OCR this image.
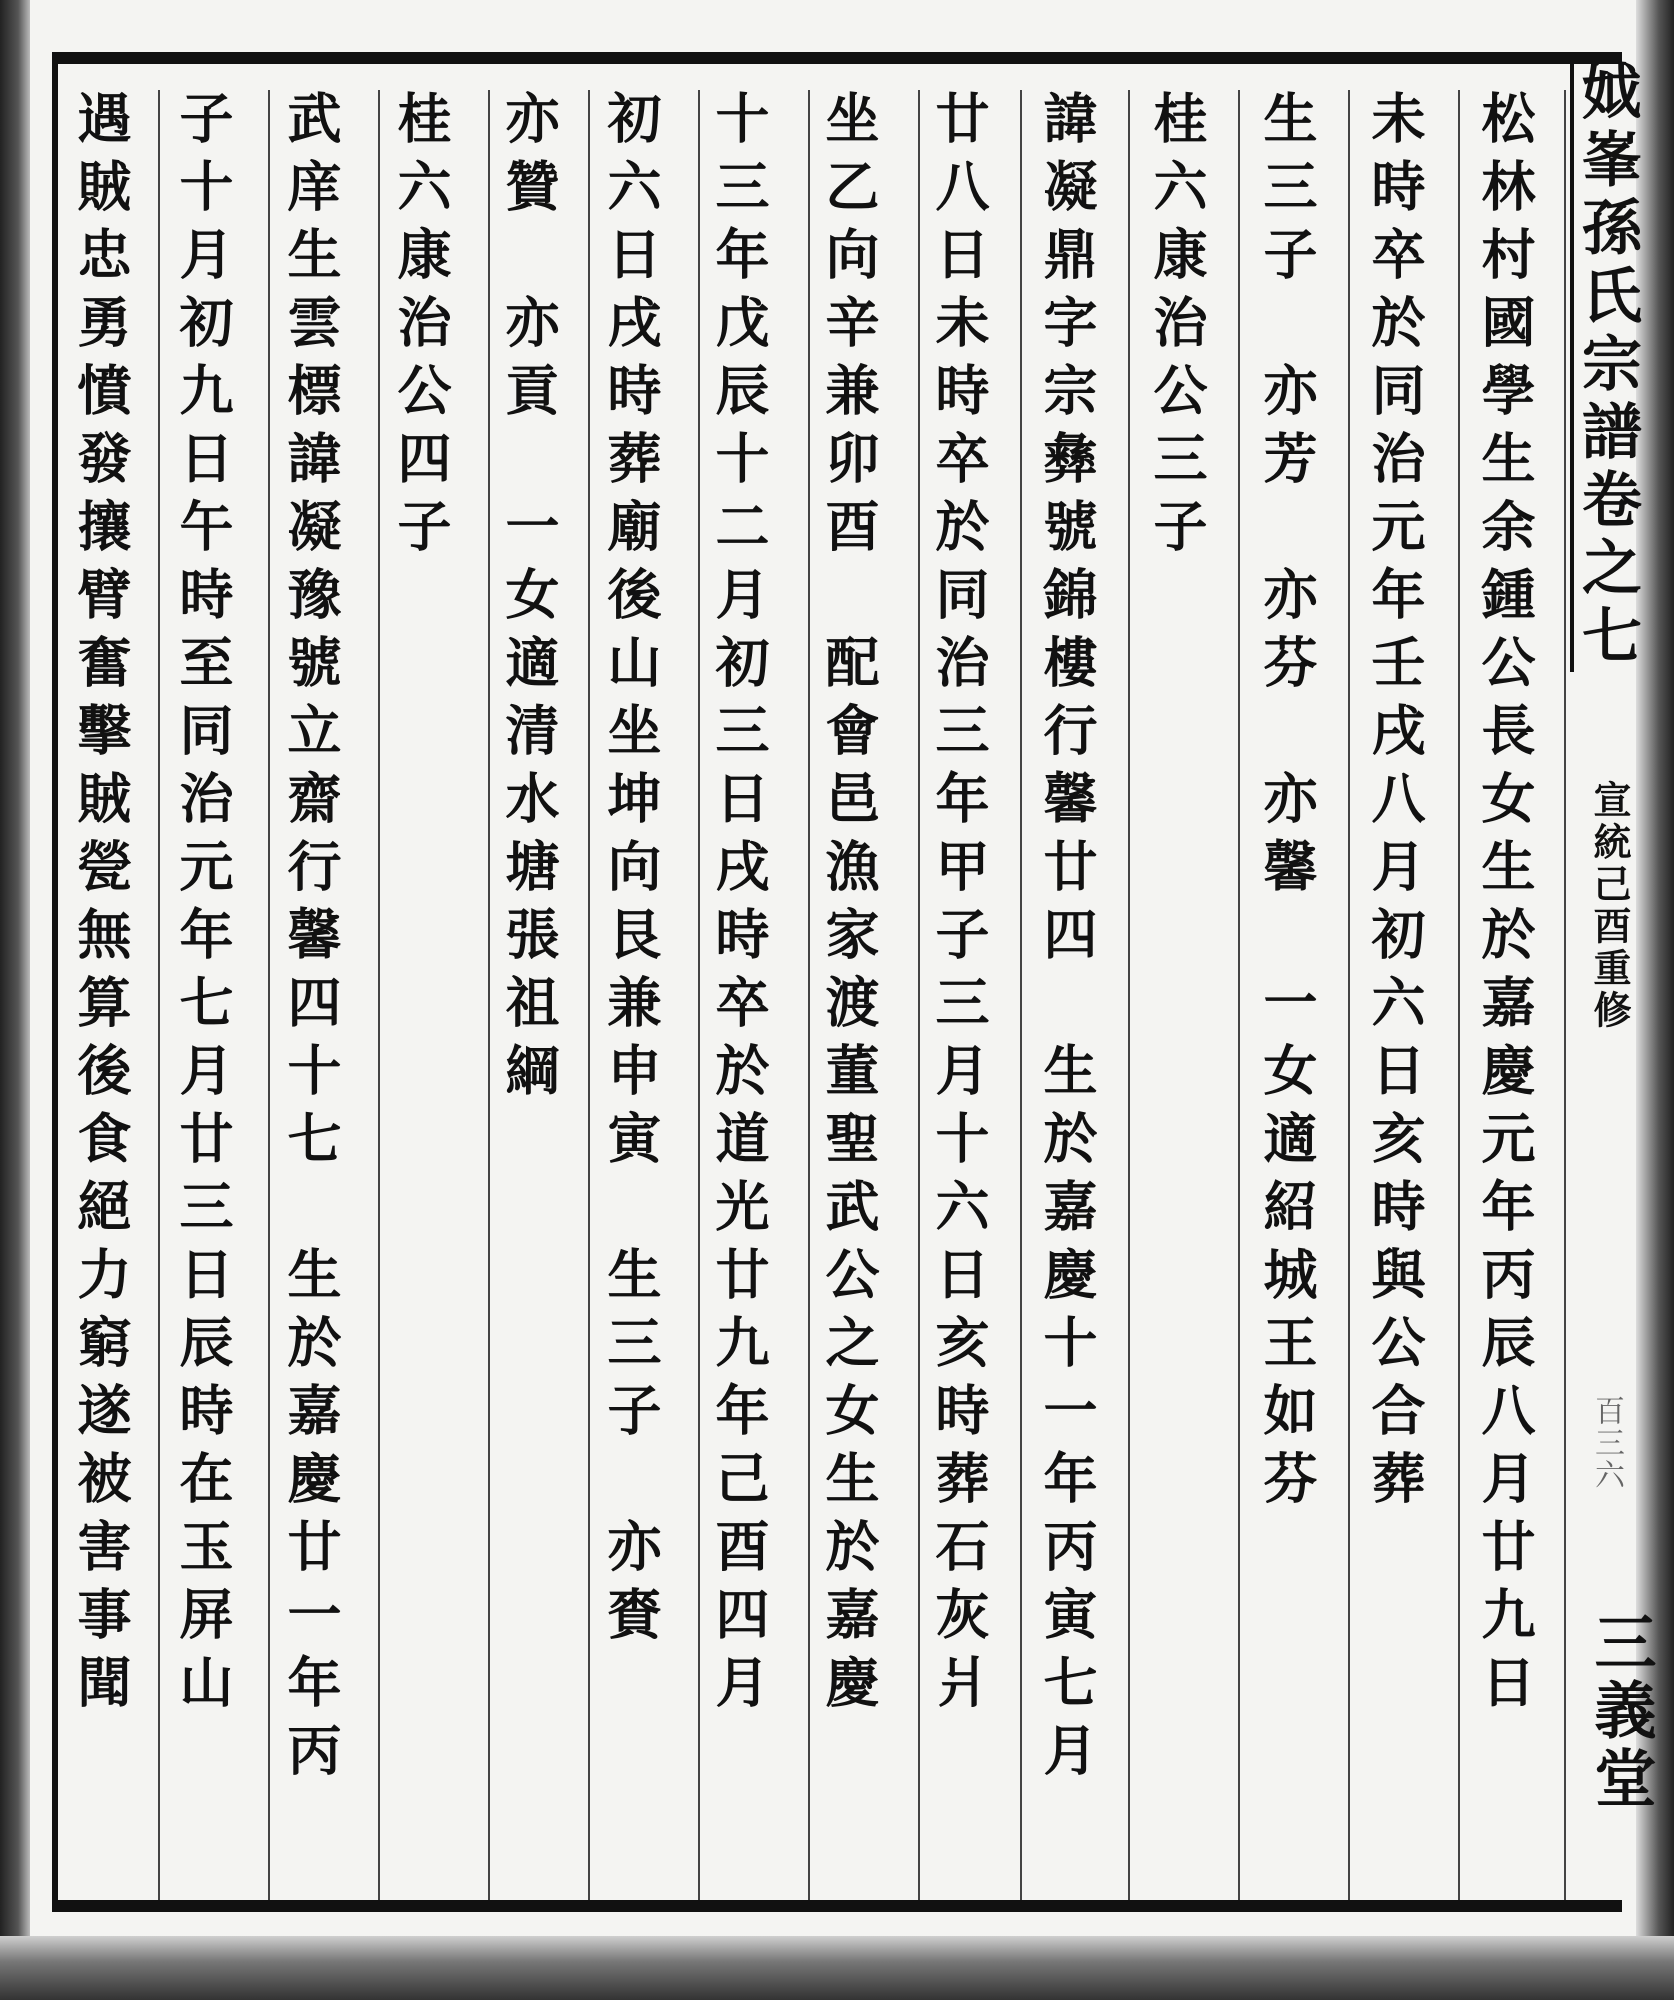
松林村國學生余鍾公長女生於嘉慶元年丙辰八月廿九日
未時卒於同治元年壬戌八月初六日亥時與公合葬
生三子　亦芳　亦芬　亦馨　一女適紹城王如芬
桂六康治公三子
諱凝鼎字宗彝號錦樓行馨廿四　生於嘉慶十一年丙寅七月
廿八日未時卒於同治三年甲子三月十六日亥時葬石灰爿
坐乙向辛兼卯酉　配會邑漁家渡董聖武公之女生於嘉慶
十三年戊辰十二月初三日戌時卒於道光廿九年己酉四月
初六日戌時葬廟後山坐坤向艮兼申寅　生三子　亦賚
亦贊　亦貢　一女適清水塘張祖綱
桂六康治公四子
武庠生雲標諱凝豫號立齋行馨四十七　生於嘉慶廿一年丙
子十月初九日午時至同治元年七月廿三日辰時在玉屏山
遇賊忠勇憤發攘臂奮擊賊甇無算後食絕力窮遂被害事聞	𡛟峯孫氏宗譜卷之七
宣統己酉重修
百三六
三義堂
